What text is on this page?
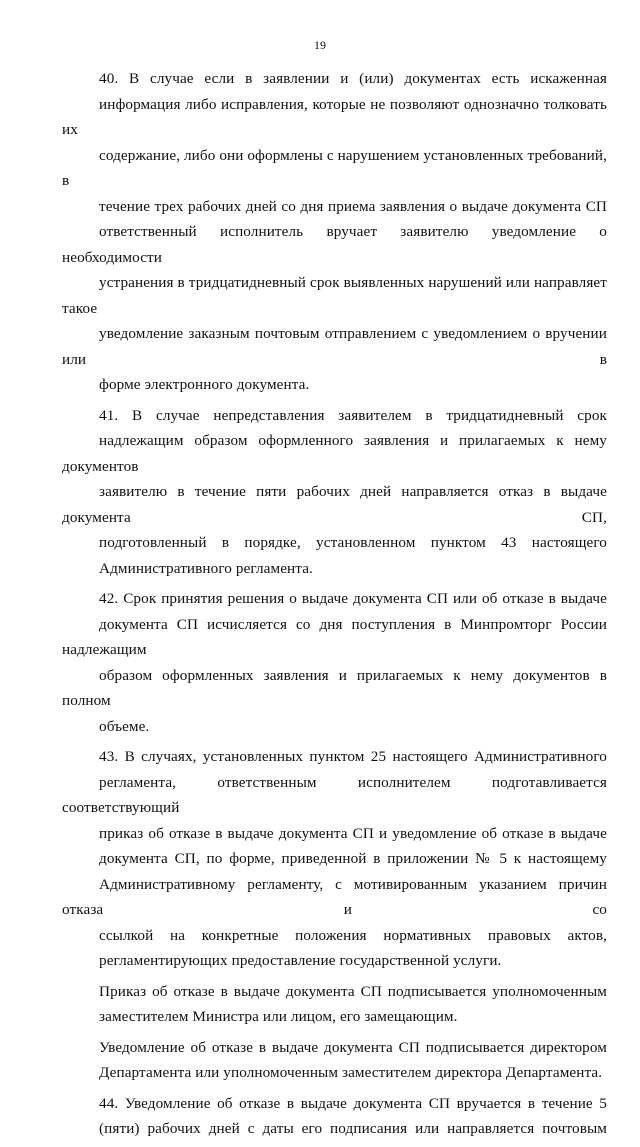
19

40. В случае если в заявлении и (или) документах есть искаженная
информация либо исправления, которые не позволяют однозначно толковать их
содержание, либо они оформлены с нарушением установленных требований, в
течение трех рабочих дней со дня приема заявления о выдаче документа СП
ответственный исполнитель вручает заявителю уведомление о необходимости
устранения в тридцатидневный срок выявленных нарушений или направляет такое
уведомление заказным почтовым отправлением с уведомлением о вручении или в
форме электронного документа.

41. В случае непредставления заявителем в тридцатидневный срок
надлежащим образом оформленного заявления и прилагаемых к нему документов
заявителю в течение пяти рабочих дней направляется отказ в выдаче документа СП,
подготовленный в порядке, установленном пунктом 43 настоящего
Административного регламента.

42. Срок принятия решения о выдаче документа СП или об отказе в выдаче
документа СП исчисляется со дня поступления в Минпромторг России надлежащим
образом оформленных заявления и прилагаемых к нему документов в полном
объеме.

43. В случаях, установленных пунктом 25 настоящего Административного
регламента, ответственным исполнителем подготавливается соответствующий
приказ об отказе в выдаче документа СП и уведомление об отказе в выдаче
документа СП, по форме, приведенной в приложении № 5 к настоящему
Административному регламенту, с мотивированным указанием причин отказа и со
ссылкой на конкретные положения нормативных правовых актов,
регламентирующих предоставление государственной услуги.

Приказ об отказе в выдаче документа СП подписывается уполномоченным
заместителем Министра или лицом, его замещающим.

Уведомление об отказе в выдаче документа СП подписывается директором
Департамента или уполномоченным заместителем директора Департамента.

44. Уведомление об отказе в выдаче документа СП вручается в течение 5
(пяти) рабочих дней с даты его подписания или направляется почтовым
